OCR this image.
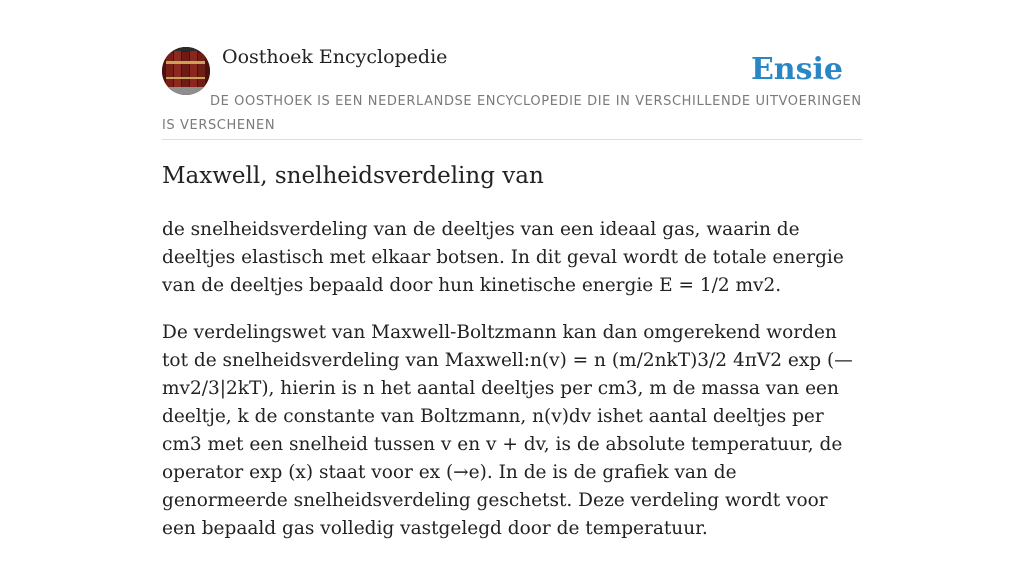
Oosthoek Encyclopedie	Ensie

DE OOSTHOEK IS EEN NEDERLANDSE ENCYCLOPEDIE DIE IN VERSCHILLENDE UITVOERINGEN IS VERSCHENEN

Maxwell, snelheidsverdeling van

de snelheidsverdeling van de deeltjes van een ideaal gas, waarin de deeltjes elastisch met elkaar botsen. In dit geval wordt de totale energie van de deeltjes bepaald door hun kinetische energie E = 1/2 mv2.

De verdelingswet van Maxwell-Boltzmann kan dan omgerekend worden tot de snelheidsverdeling van Maxwell:n(v) = n (m/2nkT)3/2 4πV2 exp (—mv2/3|2kT), hierin is n het aantal deeltjes per cm3, m de massa van een deeltje, k de constante van Boltzmann, n(v)dv ishet aantal deeltjes per cm3 met een snelheid tussen v en v + dv, is de absolute temperatuur, de operator exp (x) staat voor ex (→e). In de is de grafiek van de genormeerde snelheidsverdeling geschetst. Deze verdeling wordt voor een bepaald gas volledig vastgelegd door de temperatuur.
